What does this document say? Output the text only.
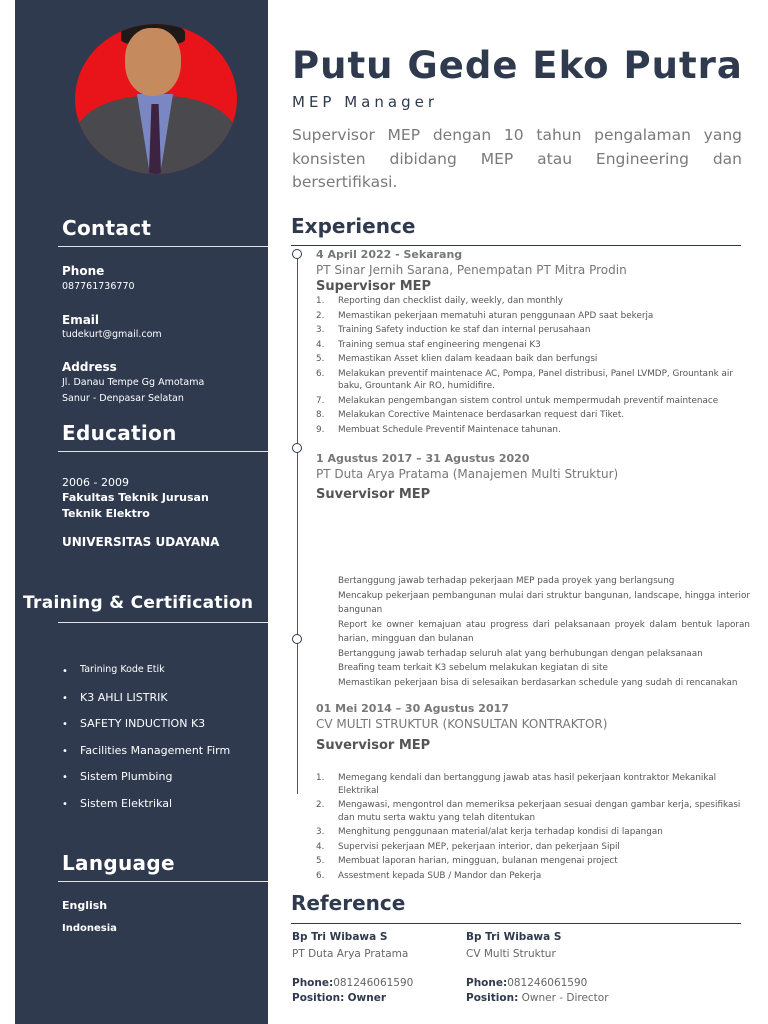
Contact
Phone
087761736770
Email
tudekurt@gmail.com
Address
Jl. Danau Tempe Gg Amotama
Sanur - Denpasar Selatan
Education
2006 - 2009
Fakultas Teknik Jurusan Teknik Elektro
UNIVERSITAS UDAYANA
Training & Certification
• Tarining Kode Etik
• K3 AHLI LISTRIK
• SAFETY INDUCTION K3
• Facilities Management Firm
• Sistem Plumbing
• Sistem Elektrikal
Language
English
Indonesia
Putu Gede Eko Putra
MEP Manager

Supervisor MEP dengan 10 tahun pengalaman yang konsisten dibidang MEP atau Engineering dan bersertifikasi.

Experience
4 April 2022 - Sekarang
PT Sinar Jernih Sarana, Penempatan PT Mitra Prodin
Supervisor MEP
Reporting dan checklist daily, weekly, dan monthly
Memastikan pekerjaan mematuhi aturan penggunaan APD saat bekerja
Training Safety induction ke staf dan internal perusahaan
Training semua staf engineering mengenai K3
Memastikan Asset klien dalam keadaan baik dan berfungsi
Melakukan preventif maintenace AC, Pompa, Panel distribusi, Panel LVMDP, Grountank air baku, Grountank Air RO, humidifire.
Melakukan pengembangan sistem control untuk mempermudah preventif maintenace
Melakukan Corective Maintenace berdasarkan request dari Tiket.
Membuat Schedule Preventif Maintenace tahunan.
1 Agustus 2017 – 31 Agustus 2020
PT Duta Arya Pratama (Manajemen Multi Struktur)
Suvervisor MEP
Bertanggung jawab terhadap pekerjaan MEP pada proyek yang berlangsung
Mencakup pekerjaan pembangunan mulai dari struktur bangunan, landscape, hingga interior bangunan
Report ke owner kemajuan atau progress dari pelaksanaan proyek dalam bentuk laporan harian, mingguan dan bulanan
Bertanggung jawab terhadap seluruh alat yang berhubungan dengan pelaksanaan
Breafing team terkait K3 sebelum melakukan kegiatan di site
Memastikan pekerjaan bisa di selesaikan berdasarkan schedule yang sudah di rencanakan
01 Mei 2014 – 30 Agustus 2017
CV MULTI STRUKTUR (KONSULTAN KONTRAKTOR)
Suvervisor MEP
Memegang kendali dan bertanggung jawab atas hasil pekerjaan kontraktor Mekanikal Elektrikal
Mengawasi, mengontrol dan memeriksa pekerjaan sesuai dengan gambar kerja, spesifikasi dan mutu serta waktu yang telah ditentukan
Menghitung penggunaan material/alat kerja terhadap kondisi di lapangan
Supervisi pekerjaan MEP, pekerjaan interior, dan pekerjaan Sipil
Membuat laporan harian, mingguan, bulanan mengenai project
Assestment kepada SUB / Mandor dan Pekerja
Reference
Bp Tri Wibawa S
PT Duta Arya Pratama
Phone:081246061590
Position: Owner
Bp Tri Wibawa S
CV Multi Struktur
Phone:081246061590
Position: Owner - Director
